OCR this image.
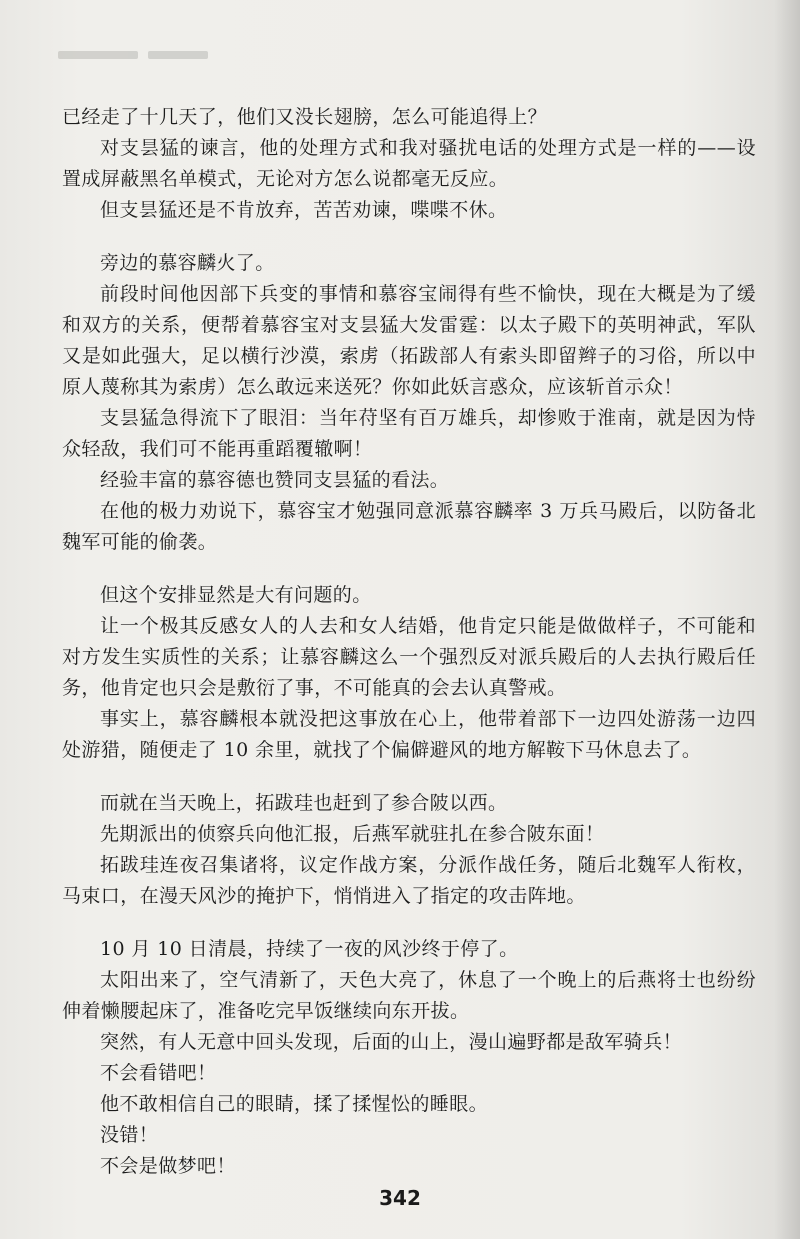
已经走了十几天了，他们又没长翅膀，怎么可能追得上？

对支昙猛的谏言，他的处理方式和我对骚扰电话的处理方式是一样的——设置成屏蔽黑名单模式，无论对方怎么说都毫无反应。

但支昙猛还是不肯放弃，苦苦劝谏，喋喋不休。

旁边的慕容麟火了。

前段时间他因部下兵变的事情和慕容宝闹得有些不愉快，现在大概是为了缓和双方的关系，便帮着慕容宝对支昙猛大发雷霆：以太子殿下的英明神武，军队又是如此强大，足以横行沙漠，索虏（拓跋部人有索头即留辫子的习俗，所以中原人蔑称其为索虏）怎么敢远来送死？你如此妖言惑众，应该斩首示众！

支昙猛急得流下了眼泪：当年苻坚有百万雄兵，却惨败于淮南，就是因为恃众轻敌，我们可不能再重蹈覆辙啊！

经验丰富的慕容德也赞同支昙猛的看法。

在他的极力劝说下，慕容宝才勉强同意派慕容麟率 3 万兵马殿后，以防备北魏军可能的偷袭。

但这个安排显然是大有问题的。

让一个极其反感女人的人去和女人结婚，他肯定只能是做做样子，不可能和对方发生实质性的关系；让慕容麟这么一个强烈反对派兵殿后的人去执行殿后任务，他肯定也只会是敷衍了事，不可能真的会去认真警戒。

事实上，慕容麟根本就没把这事放在心上，他带着部下一边四处游荡一边四处游猎，随便走了 10 余里，就找了个偏僻避风的地方解鞍下马休息去了。

而就在当天晚上，拓跋珪也赶到了参合陂以西。

先期派出的侦察兵向他汇报，后燕军就驻扎在参合陂东面！

拓跋珪连夜召集诸将，议定作战方案，分派作战任务，随后北魏军人衔枚，马束口，在漫天风沙的掩护下，悄悄进入了指定的攻击阵地。

10 月 10 日清晨，持续了一夜的风沙终于停了。

太阳出来了，空气清新了，天色大亮了，休息了一个晚上的后燕将士也纷纷伸着懒腰起床了，准备吃完早饭继续向东开拔。

突然，有人无意中回头发现，后面的山上，漫山遍野都是敌军骑兵！

不会看错吧！

他不敢相信自己的眼睛，揉了揉惺忪的睡眼。

没错！

不会是做梦吧！

342
